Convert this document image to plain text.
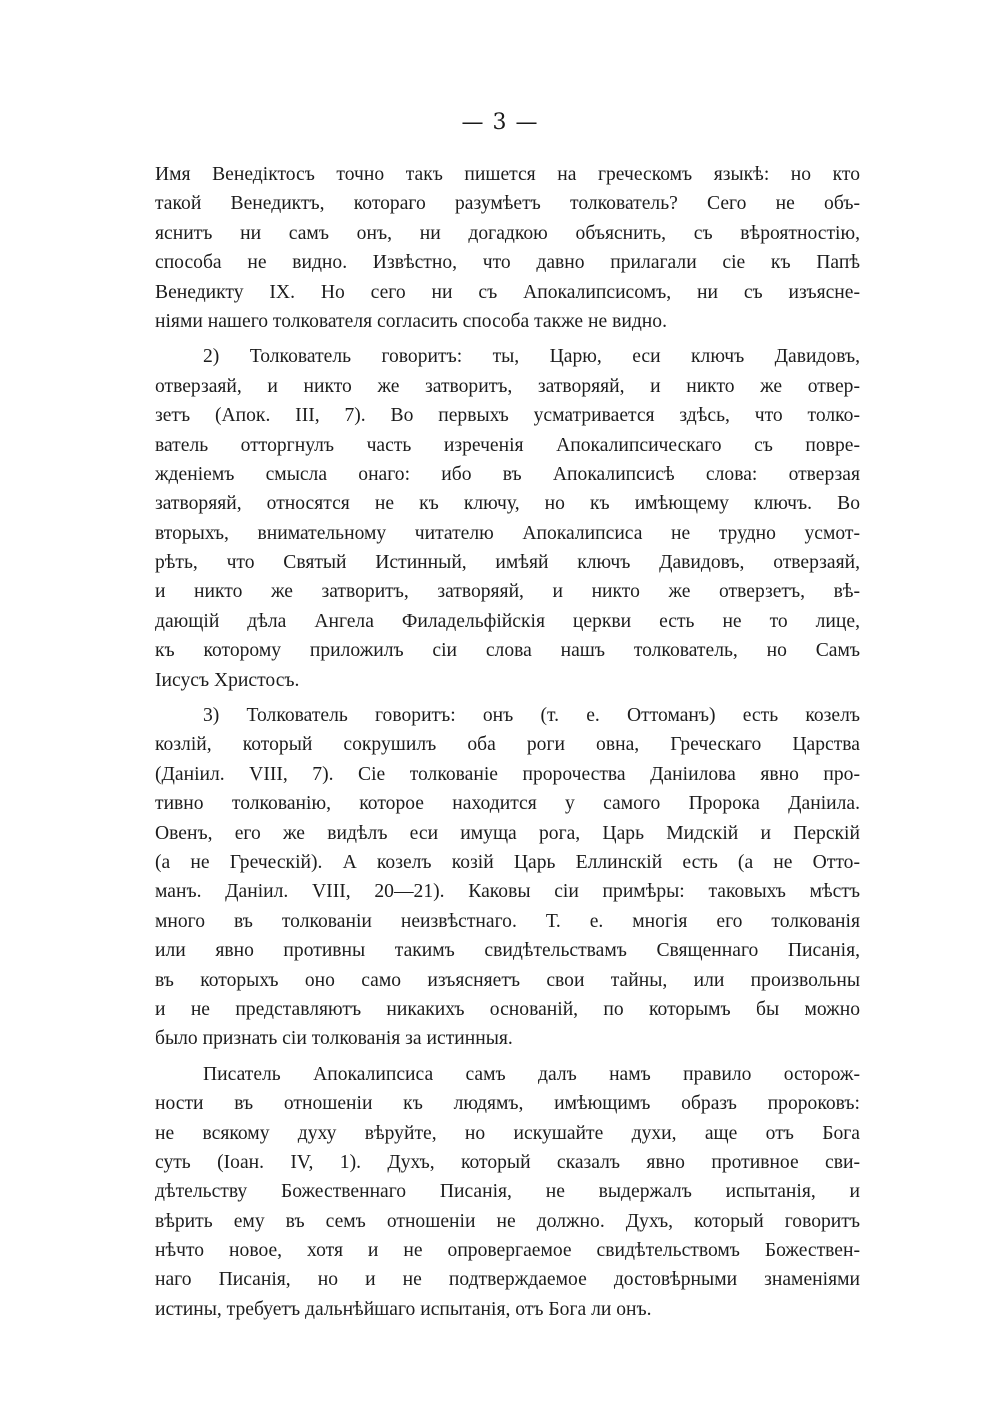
— 3 —
Имя Венедiктосъ точно такъ пишется на греческомъ языкѣ: но кто
такой Венедиктъ, котораго разумѣетъ толкователь? Сего не объ-
яснитъ ни самъ онъ, ни догадкою объяснить, съ вѣроятностiю,
способа не видно. Извѣстно, что давно прилагали сiе къ Папѣ
Венедикту IX. Но сего ни съ Апокалипсисомъ, ни съ изъясне-
нiями нашего толкователя согласить способа также не видно.
2) Толкователь говоритъ: ты, Царю, еси ключъ Давидовъ,
отверзаяй, и никто же затворитъ, затворяяй, и никто же отвер-
зетъ (Апок. III, 7). Во первыхъ усматривается здѣсь, что толко-
ватель отторгнулъ часть изреченiя Апокалипсическаго съ повре-
жденiемъ смысла онаго: ибо въ Апокалипсисѣ слова: отверзая
затворяяй, относятся не къ ключу, но къ имѣющему ключъ. Во
вторыхъ, внимательному читателю Апокалипсиса не трудно усмот-
рѣть, что Святый Истинный, имѣяй ключъ Давидовъ, отверзаяй,
и никто же затворитъ, затворяяй, и никто же отверзетъ, вѣ-
дающiй дѣла Ангела Филадельфiйскiя церкви есть не то лице,
къ которому приложилъ сiи слова нашъ толкователь, но Самъ
Iисусъ Христосъ.
3) Толкователь говоритъ: онъ (т. е. Оттоманъ) есть козелъ
козлiй, который сокрушилъ оба роги овна, Греческаго Царства
(Данiил. VIII, 7). Сiе толкованiе пророчества Данiилова явно про-
тивно толкованiю, которое находится у самого Пророка Данiила.
Овенъ, его же видѣлъ еси имуща рога, Царь Мидскiй и Перскiй
(а не Греческiй). А козелъ козiй Царь Еллинскiй есть (а не Отто-
манъ. Данiил. VIII, 20—21). Каковы сiи примѣры: таковыхъ мѣстъ
много въ толкованiи неизвѣстнаго. Т. е. многiя его толкованiя
или явно противны такимъ свидѣтельствамъ Священнаго Писанiя,
въ которыхъ оно само изъясняетъ свои тайны, или произвольны
и не представляютъ никакихъ основанiй, по которымъ бы можно
было признать сiи толкованiя за истинныя.
Писатель Апокалипсиса самъ далъ намъ правило осторож-
ности въ отношенiи къ людямъ, имѣющимъ образъ пророковъ:
не всякому духу вѣруйте, но искушайте духи, аще отъ Бога
суть (Iоан. IV, 1). Духъ, который сказалъ явно противное сви-
дѣтельству Божественнаго Писанiя, не выдержалъ испытанiя, и
вѣрить ему въ семъ отношенiи не должно. Духъ, который говоритъ
нѣчто новое, хотя и не опровергаемое свидѣтельствомъ Божествен-
наго Писанiя, но и не подтверждаемое достовѣрными знаменiями
истины, требуетъ дальнѣйшаго испытанiя, отъ Бога ли онъ.
